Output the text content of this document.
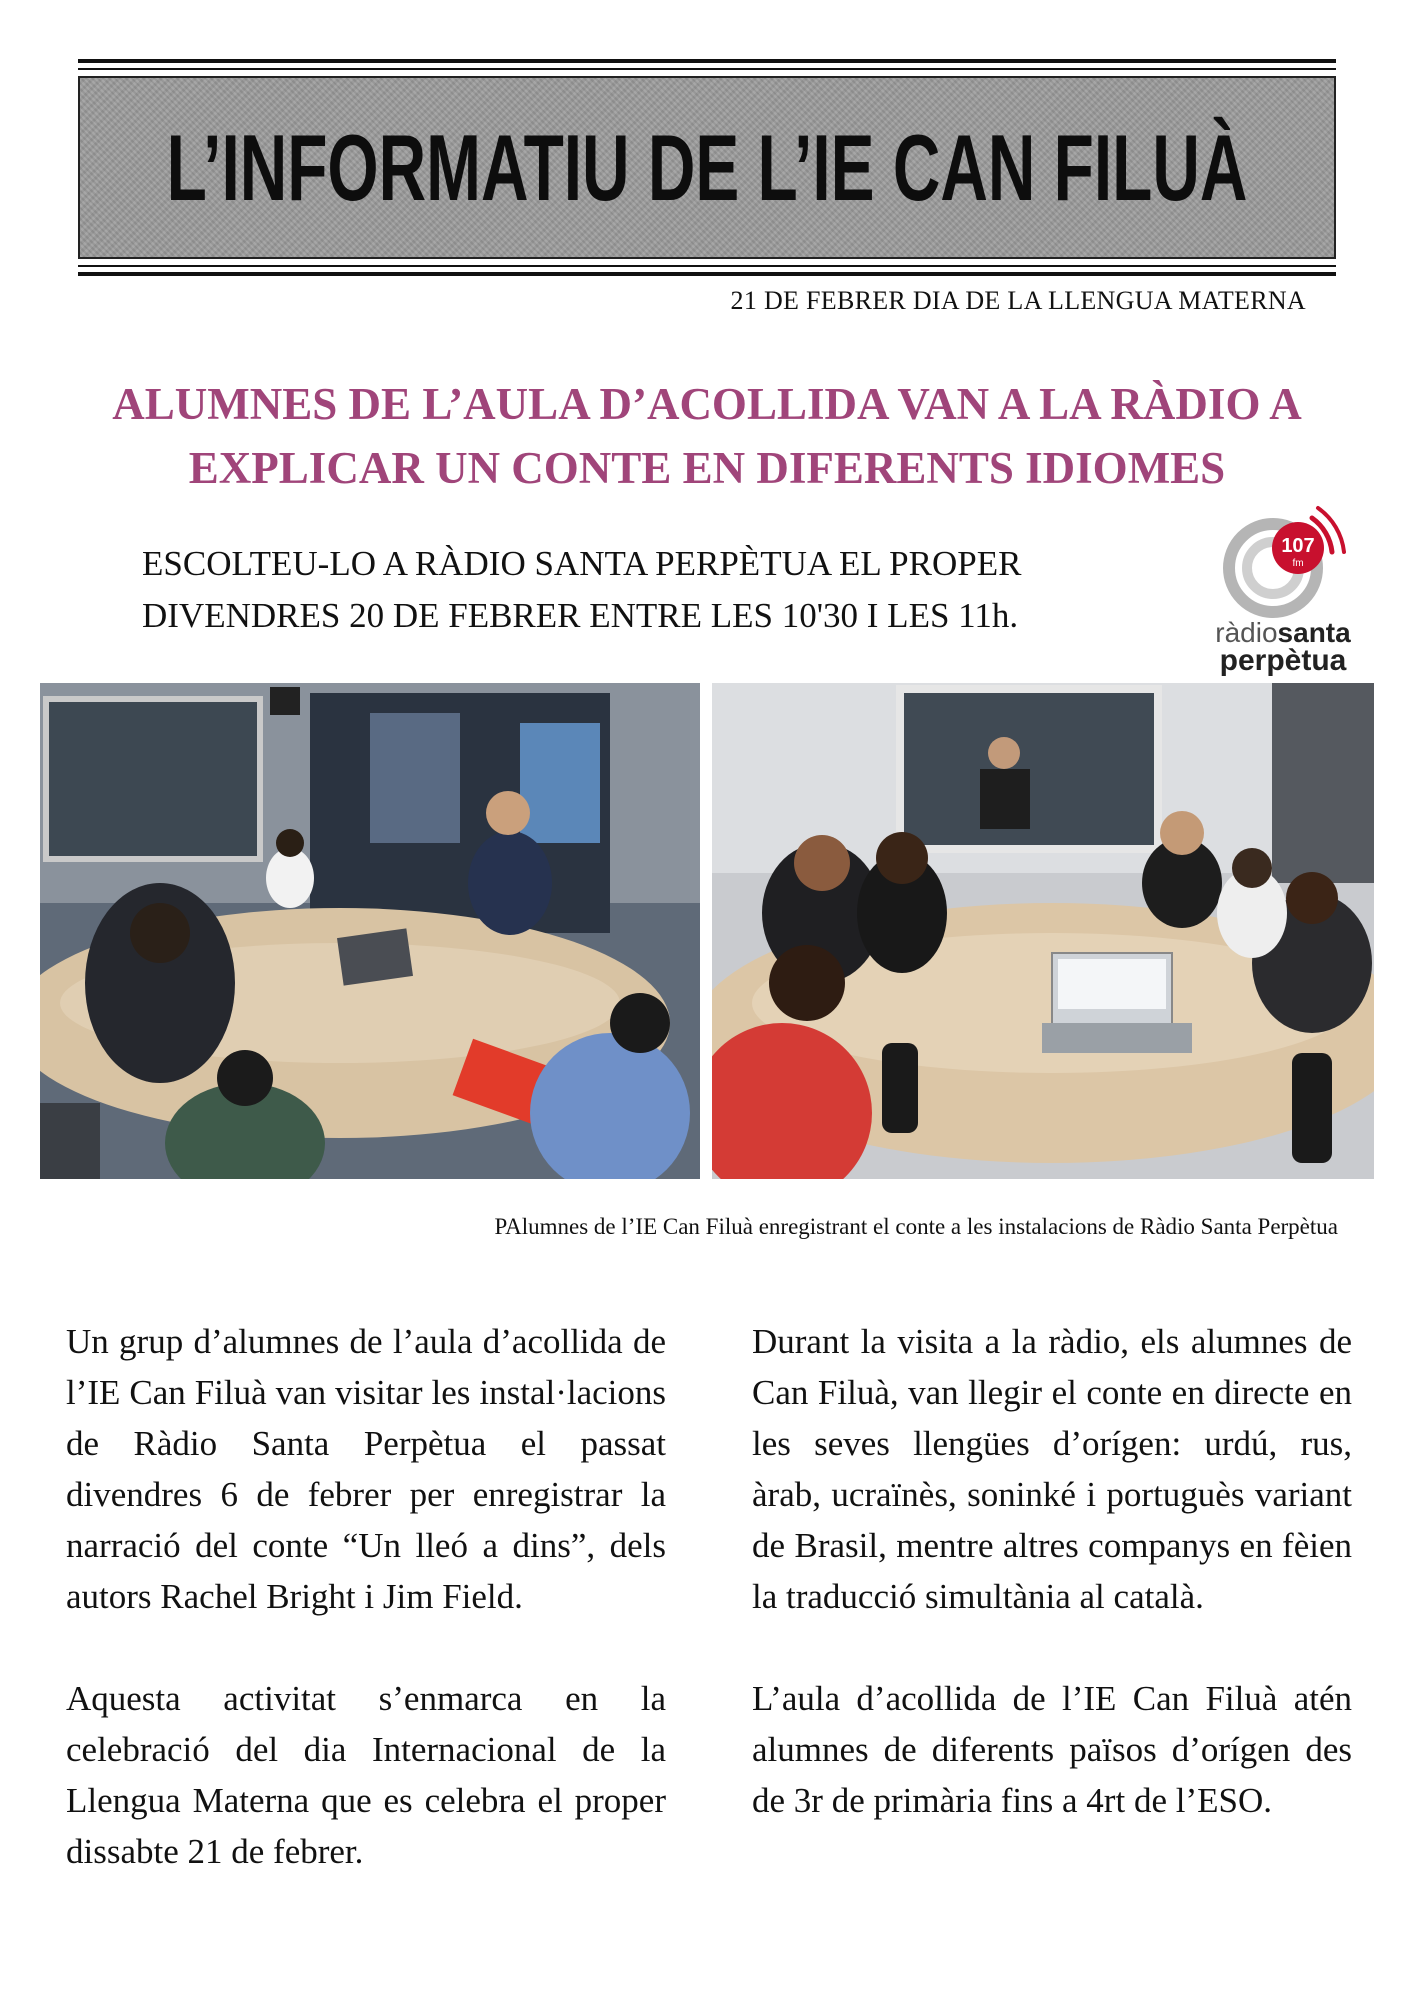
L’INFORMATIU DE L’IE CAN FILUÀ
21 DE FEBRER DIA DE LA LLENGUA MATERNA
ALUMNES DE L’AULA D’ACOLLIDA VAN A LA RÀDIO A
EXPLICAR UN CONTE EN DIFERENTS IDIOMES
ESCOLTEU-LO A RÀDIO SANTA PERPÈTUA EL PROPER
DIVENDRES 20 DE FEBRER ENTRE LES 10'30 I LES 11h.
107
fm
ràdiosanta
perpètua
PAlumnes de l’IE Can Filuà enregistrant el conte a les instalacions de Ràdio Santa Perpètua

Un grup d’alumnes de l’aula d’acollida de l’IE Can Filuà van visitar les instal·lacions de Ràdio Santa Perpètua el passat divendres 6 de febrer per enregistrar la narració del conte “Un lleó a dins”, dels autors Rachel Bright i Jim Field.

Aquesta activitat s’enmarca en la celebració del dia Internacional de la Llengua Materna que es celebra el proper dissabte 21 de febrer.

Durant la visita a la ràdio, els alumnes de Can Filuà, van llegir el conte en directe en les seves llengües d’orígen: urdú, rus, àrab, ucraïnès, soninké i portuguès variant de Brasil, mentre altres companys en fèien la traducció simultània al català.

L’aula d’acollida de l’IE Can Filuà atén alumnes de diferents països d’orígen des de 3r de primària fins a 4rt de l’ESO.
